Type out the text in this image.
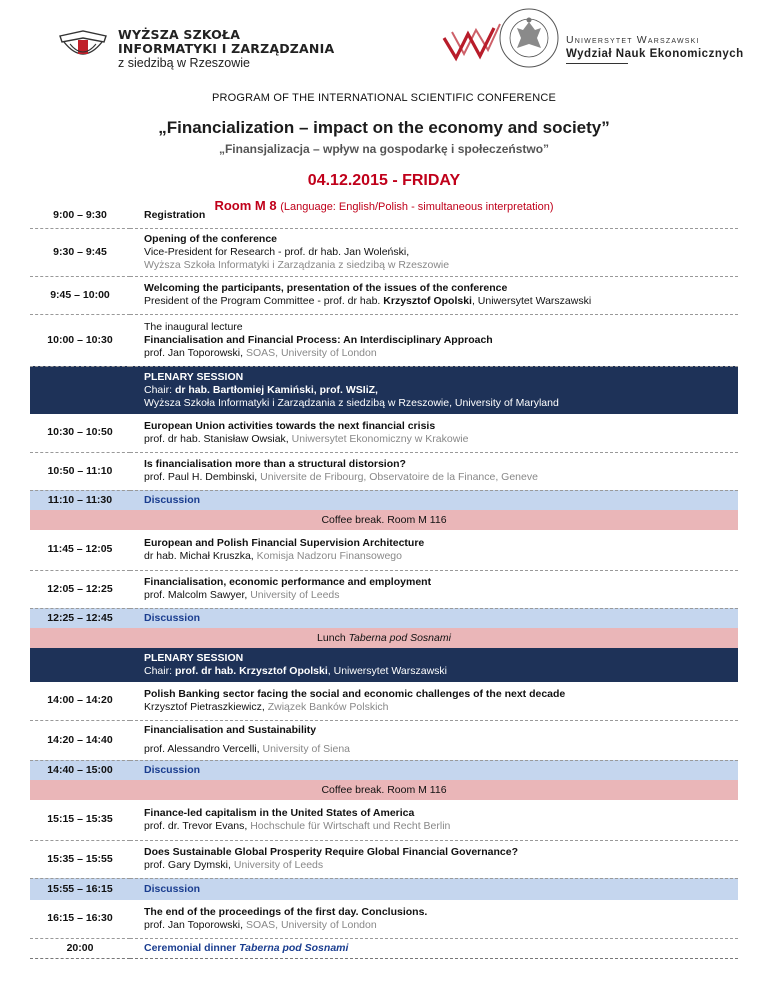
WYŻSZA SZKOŁA
INFORMATYKI I ZARZĄDZANIA
z siedzibą w Rzeszowie
Uniwersytet Warszawski
Wydział Nauk Ekonomicznych
PROGRAM OF THE INTERNATIONAL SCIENTIFIC CONFERENCE
„Financialization – impact on the economy and society”
„Finansjalizacja – wpływ na gospodarkę i społeczeństwo”
04.12.2015 - FRIDAY
Room M 8 (Language: English/Polish - simultaneous interpretation)
9:00 – 9:30	Registration
9:30 – 9:45	Opening of the conference
Vice-President for Research - prof. dr hab. Jan Woleński,
Wyższa Szkoła Informatyki i Zarządzania z siedzibą w Rzeszowie

9:45 – 10:00	Welcoming the participants, presentation of the issues of the conference
President of the Program Committee - prof. dr hab. Krzysztof Opolski, Uniwersytet Warszawski

10:00 – 10:30	The inaugural lecture
Financialisation and Financial Process: An Interdisciplinary Approach
prof. Jan Toporowski, SOAS, University of London

	PLENARY SESSION
Chair: dr hab. Bartłomiej Kamiński, prof. WSIiZ,
Wyższa Szkoła Informatyki i Zarządzania z siedzibą w Rzeszowie, University of Maryland

10:30 – 10:50	European Union activities towards the next financial crisis
prof. dr hab. Stanisław Owsiak, Uniwersytet Ekonomiczny w Krakowie

10:50 – 11:10	Is financialisation more than a structural distorsion?
prof. Paul H. Dembinski, Universite de Fribourg, Observatoire de la Finance, Geneve

11:10 – 11:30	Discussion
Coffee break. Room M 116	
11:45 – 12:05	European and Polish Financial Supervision Architecture
dr hab. Michał Kruszka, Komisja Nadzoru Finansowego

12:05 – 12:25	Financialisation, economic performance and employment
prof. Malcolm Sawyer, University of Leeds

12:25 – 12:45	Discussion
Lunch Taberna pod Sosnami	

	PLENARY SESSION
Chair: prof. dr hab. Krzysztof Opolski, Uniwersytet Warszawski

14:00 – 14:20	Polish Banking sector facing the social and economic challenges of the next decade
Krzysztof Pietraszkiewicz, Związek Banków Polskich

14:20 – 14:40	Financialisation and Sustainability
prof. Alessandro Vercelli, University of Siena

14:40 – 15:00	Discussion
Coffee break. Room M 116	
15:15 – 15:35	Finance-led capitalism in the United States of America
prof. dr. Trevor Evans, Hochschule für Wirtschaft und Recht Berlin

15:35 – 15:55	Does Sustainable Global Prosperity Require Global Financial Governance?
prof. Gary Dymski, University of Leeds

15:55 – 16:15	Discussion
16:15 – 16:30	The end of the proceedings of the first day. Conclusions.
prof. Jan Toporowski, SOAS, University of London

20:00	Ceremonial dinner Taberna pod Sosnami
